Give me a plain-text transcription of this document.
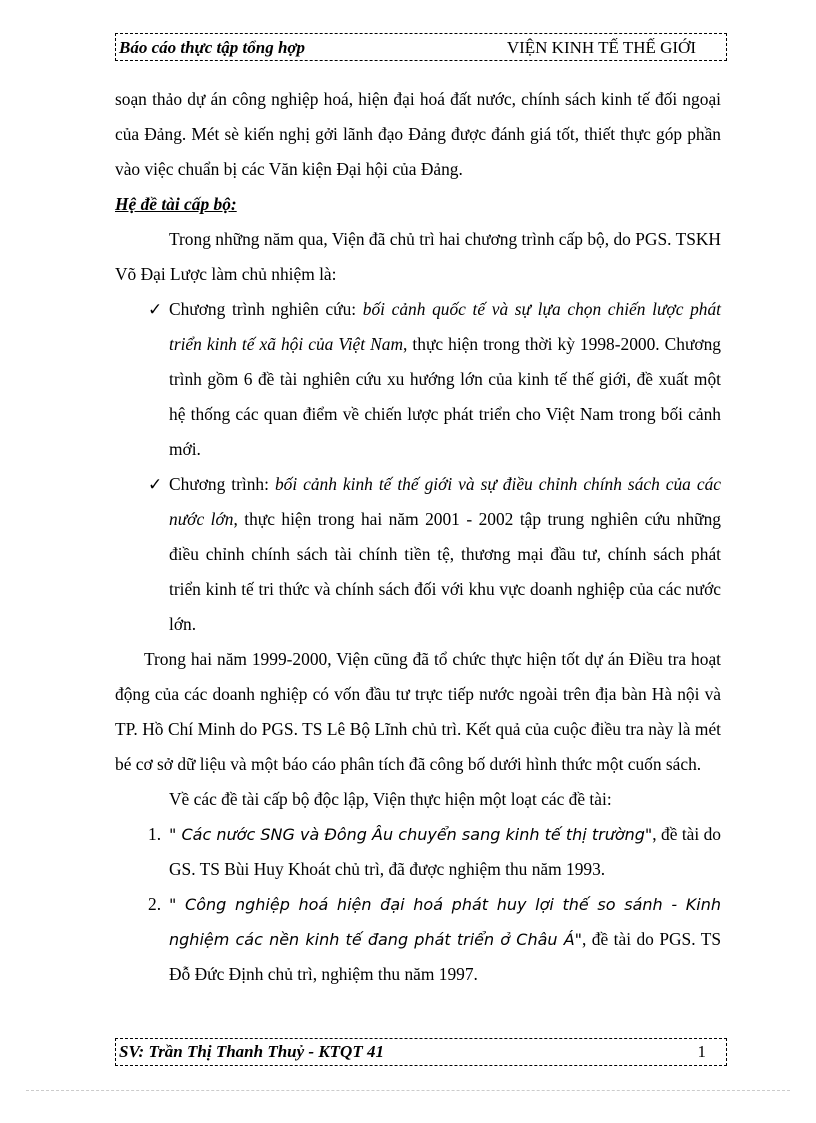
Báo cáo thực tập tổng hợp	VIỆN KINH TẾ THẾ GIỚI

soạn thảo dự án công nghiệp hoá, hiện đại hoá đất nước, chính sách kinh tế đối ngoại của Đảng. Mét sè kiến nghị gởi lãnh đạo Đảng được đánh giá tốt, thiết thực góp phần vào việc chuẩn bị các Văn kiện Đại hội của Đảng.

Hệ đề tài cấp bộ:

Trong những năm qua, Viện đã chủ trì hai chương trình cấp bộ, do PGS. TSKH Võ Đại Lược làm chủ nhiệm là:

✓ Chương trình nghiên cứu: bối cảnh quốc tế và sự lựa chọn chiến lược phát triển kinh tế xã hội của Việt Nam, thực hiện trong thời kỳ 1998-2000. Chương trình gồm 6 đề tài nghiên cứu xu hướng lớn của kinh tế thế giới, đề xuất một hệ thống các quan điểm về chiến lược phát triển cho Việt Nam trong bối cảnh mới.
✓ Chương trình: bối cảnh kinh tế thế giới và sự điều chỉnh chính sách của các nước lớn, thực hiện trong hai năm 2001 - 2002 tập trung nghiên cứu những điều chỉnh chính sách tài chính tiền tệ, thương mại đầu tư, chính sách phát triển kinh tế tri thức và chính sách đối với khu vực doanh nghiệp của các nước lớn.

Trong hai năm 1999-2000, Viện cũng đã tổ chức thực hiện tốt dự án Điều tra hoạt động của các doanh nghiệp có vốn đầu tư trực tiếp nước ngoài trên địa bàn Hà nội và TP. Hồ Chí Minh do PGS. TS Lê Bộ Lĩnh chủ trì. Kết quả của cuộc điều tra này là mét bé cơ sở dữ liệu và một báo cáo phân tích đã công bố dưới hình thức một cuốn sách.

Về các đề tài cấp bộ độc lập, Viện thực hiện một loạt các đề tài:

1. " Các nước SNG và Đông Âu chuyển sang kinh tế thị trường", đề tài do GS. TS Bùi Huy Khoát chủ trì, đã được nghiệm thu năm 1993.
2. " Công nghiệp hoá hiện đại hoá phát huy lợi thế so sánh - Kinh nghiệm các nền kinh tế đang phát triển ở Châu Á", đề tài do PGS. TS Đỗ Đức Định chủ trì, nghiệm thu năm 1997.
SV: Trần Thị Thanh Thuỷ - KTQT 41	1
